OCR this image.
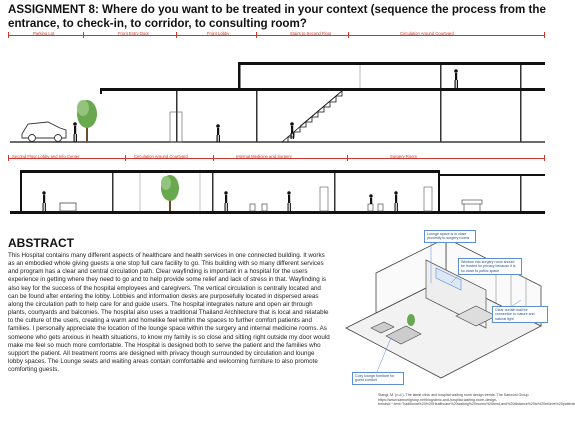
ASSIGNMENT 8: Where do you want to be treated in your context (sequence the process from the entrance, to check-in, to corridor, to consulting room?
Parking Lot	Front Entry Door	Front Lobby	Stairs to Second Floor	Circulation Around Courtyard
Second Floor Lobby and Info Center	Circulation Around Courtyard	Internal Medicine and Surgery	Surgery Room
ABSTRACT
This Hospital contains many different aspects of healthcare and health services in one connected building. It works as an embodied whole giving guests a one stop full care facility to go. This building with so many different services and program has a clear and central circulation path. Clear wayfinding is important in a hospital for the users experience in getting where they need to go and to help provide some relief and lack of stress in that. Wayfinding is also key for the success of the hospital employees and caregivers. The vertical circulation is centrally located and can be found after entering the lobby. Lobbies and information desks are purposefully located in dispersed areas along the circulation path to help care for and guide users. The hospital integrates nature and open air through plants, courtyards and balconies. The hospital also uses a traditional Thailand Architecture that is local and relatable to the culture of the users, creating a warm and homelike feel within the spaces to further comfort patients and families. I personally appreciate the location of the lounge space within the surgery and internal medicine rooms. As someone who gets anxious in health situations, to know my family is so close and sitting right outside my door would make me feel so much more comfortable. The Hospital is designed both to serve the patient and the families who support the patient. All treatment rooms are designed with privacy though surrounded by circulation and lounge lobby spaces. The Lounge seats and waiting areas contain comfortable and welcoming furniture to also promote comforting guests.
Lounge space is in close proximity to surgery rooms
Window into surgery room should be frosted for privacy because it is so close to public space
Clear curtain wall for connection to nature and natural light
Cozy lounge furniture for guest comfort
Stangl, M. (n.d.). The latest clinic and hospital waiting room design trends. The Sanwuni Group. https://www.samueligroup.net/blog/clinic-and-hospital-waiting-room-design-trends#:~:text=Traditional%20%20Healthcare%20waiting%20rooms%20tend,and%20distance%20to%20relieve%20patients
